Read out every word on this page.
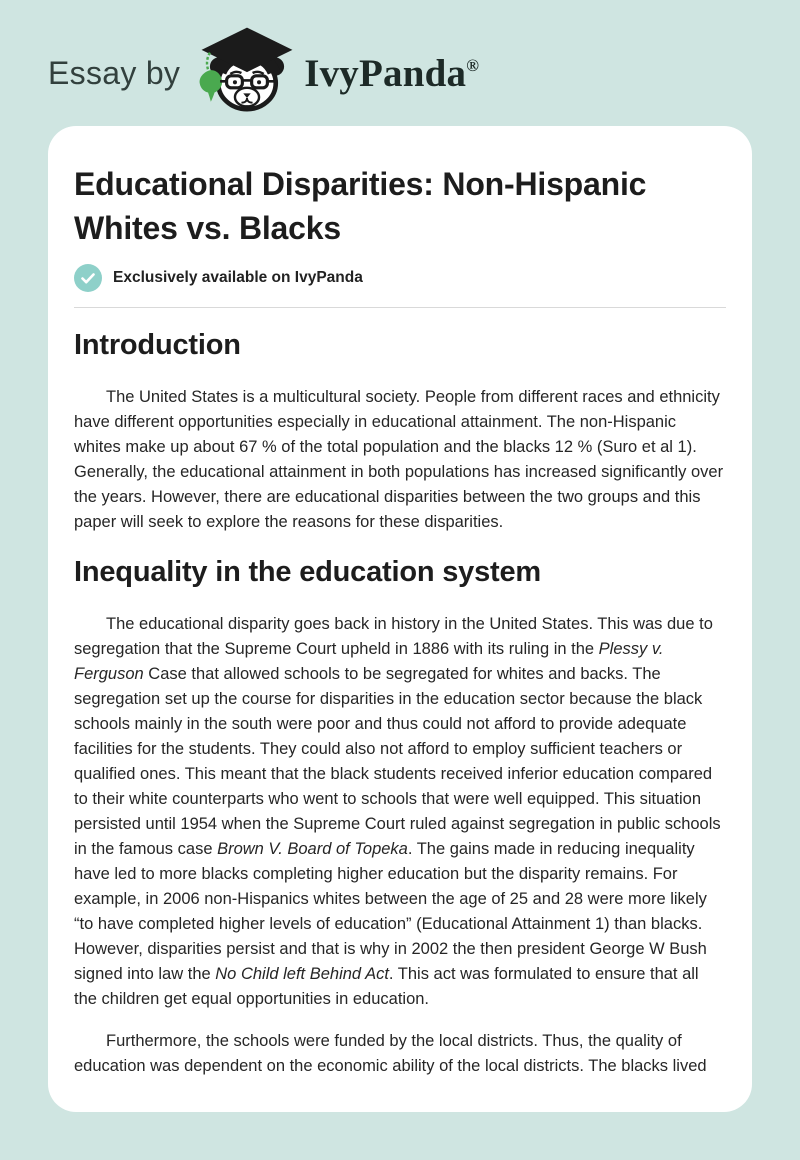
Essay by	IvyPanda®
Educational Disparities: Non-Hispanic Whites vs. Blacks
Exclusively available on IvyPanda
Introduction

The United States is a multicultural society. People from different races and ethnicity have different opportunities especially in educational attainment. The non-Hispanic whites make up about 67 % of the total population and the blacks 12 % (Suro et al 1). Generally, the educational attainment in both populations has increased significantly over the years. However, there are educational disparities between the two groups and this paper will seek to explore the reasons for these disparities.

Inequality in the education system

The educational disparity goes back in history in the United States. This was due to segregation that the Supreme Court upheld in 1886 with its ruling in the Plessy v. Ferguson Case that allowed schools to be segregated for whites and backs. The segregation set up the course for disparities in the education sector because the black schools mainly in the south were poor and thus could not afford to provide adequate facilities for the students. They could also not afford to employ sufficient teachers or qualified ones. This meant that the black students received inferior education compared to their white counterparts who went to schools that were well equipped. This situation persisted until 1954 when the Supreme Court ruled against segregation in public schools in the famous case Brown V. Board of Topeka. The gains made in reducing inequality have led to more blacks completing higher education but the disparity remains. For example, in 2006 non-Hispanics whites between the age of 25 and 28 were more likely “to have completed higher levels of education” (Educational Attainment 1) than blacks. However, disparities persist and that is why in 2002 the then president George W Bush signed into law the No Child left Behind Act. This act was formulated to ensure that all the children get equal opportunities in education.

Furthermore, the schools were funded by the local districts. Thus, the quality of education was dependent on the economic ability of the local districts. The blacks lived
